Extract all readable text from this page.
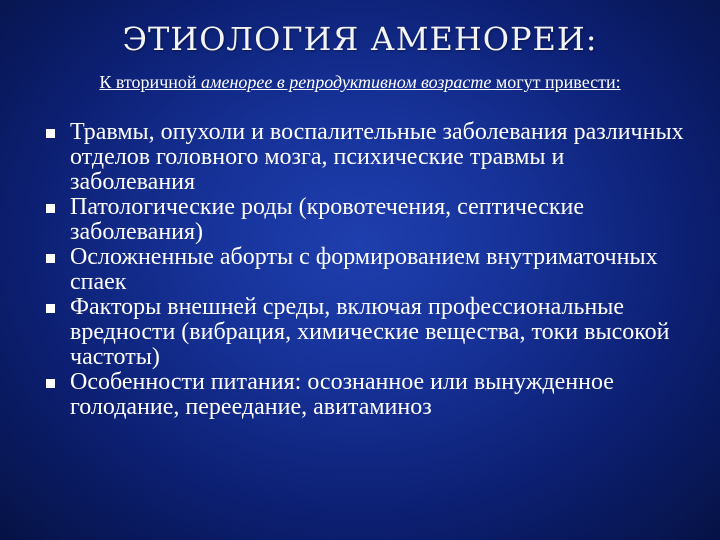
ЭТИОЛОГИЯ АМЕНОРЕИ:
К вторичной аменорее в репродуктивном возрасте могут привести:
Травмы, опухоли и воспалительные заболевания различных отделов головного мозга, психические травмы и заболевания
Патологические роды (кровотечения, септические заболевания)
Осложненные аборты с формированием внутриматочных спаек
Факторы внешней среды, включая профессиональные вредности (вибрация, химические вещества, токи высокой частоты)
Особенности питания: осознанное или вынужденное голодание, переедание, авитаминоз
